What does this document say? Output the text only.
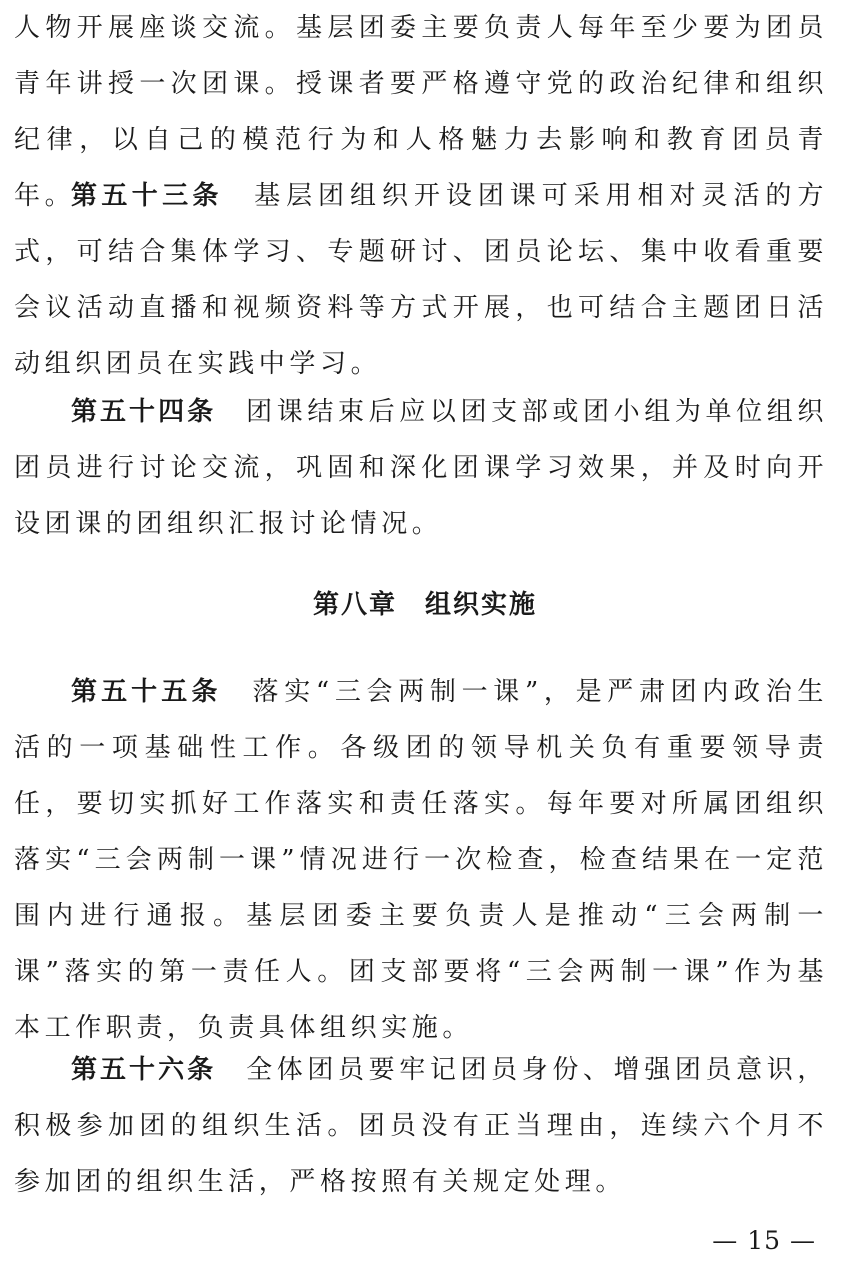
人物开展座谈交流。基层团委主要负责人每年至少要为团员青年讲授一次团课。授课者要严格遵守党的政治纪律和组织纪律，以自己的模范行为和人格魅力去影响和教育团员青年。

第五十三条 基层团组织开设团课可采用相对灵活的方式，可结合集体学习、专题研讨、团员论坛、集中收看重要会议活动直播和视频资料等方式开展，也可结合主题团日活动组织团员在实践中学习。

第五十四条 团课结束后应以团支部或团小组为单位组织团员进行讨论交流，巩固和深化团课学习效果，并及时向开设团课的团组织汇报讨论情况。

第八章　组织实施

第五十五条 落实“三会两制一课”，是严肃团内政治生活的一项基础性工作。各级团的领导机关负有重要领导责任，要切实抓好工作落实和责任落实。每年要对所属团组织落实“三会两制一课”情况进行一次检查，检查结果在一定范围内进行通报。基层团委主要负责人是推动“三会两制一课”落实的第一责任人。团支部要将“三会两制一课”作为基本工作职责，负责具体组织实施。

第五十六条 全体团员要牢记团员身份、增强团员意识，积极参加团的组织生活。团员没有正当理由，连续六个月不参加团的组织生活，严格按照有关规定处理。

— 15 —
